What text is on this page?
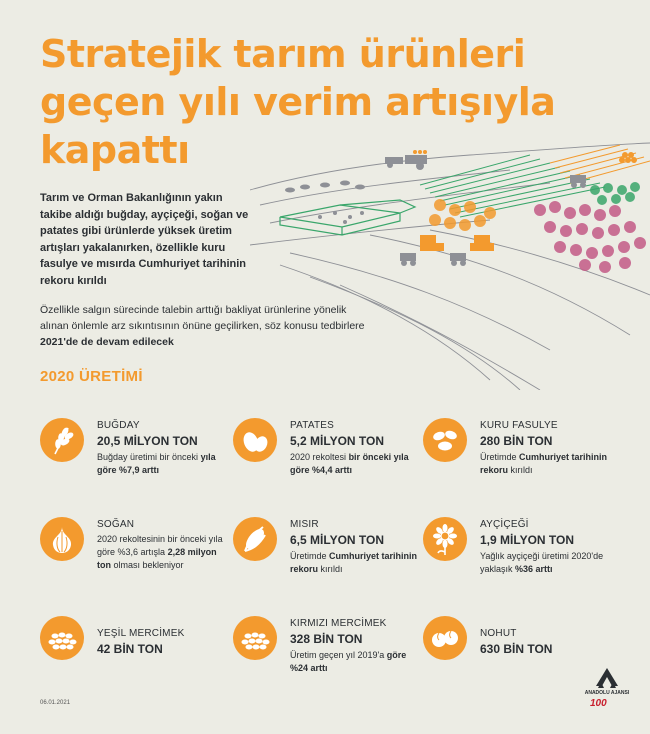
Stratejik tarım ürünleri geçen yılı verim artışıyla kapattı
Tarım ve Orman Bakanlığının yakın takibe aldığı buğday, ayçiçeği, soğan ve patates gibi ürünlerde yüksek üretim artışları yakalanırken, özellikle kuru fasulye ve mısırda Cumhuriyet tarihinin rekoru kırıldı
Özellikle salgın sürecinde talebin arttığı bakliyat ürünlerine yönelik alınan önlemle arz sıkıntısının önüne geçilirken, söz konusu tedbirlere 2021'de de devam edilecek
2020 ÜRETİMİ
BUĞDAY
20,5 MİLYON TON
Buğday üretimi bir önceki yıla göre %7,9 arttı
PATATES
5,2 MİLYON TON
2020 rekoltesi bir önceki yıla göre %4,4 arttı
KURU FASULYE
280 BİN TON
Üretimde Cumhuriyet tarihinin rekoru kırıldı
SOĞAN
2020 rekoltesinin bir önceki yıla göre %3,6 artışla 2,28 milyon ton olması bekleniyor
MISIR
6,5 MİLYON TON
Üretimde Cumhuriyet tarihinin rekoru kırıldı
AYÇİÇEĞİ
1,9 MİLYON TON
Yağlık ayçiçeği üretimi 2020'de yaklaşık %36 arttı
YEŞİL MERCİMEK
42 BİN TON
KIRMIZI MERCİMEK
328 BİN TON
Üretim geçen yıl 2019'a göre %24 arttı
NOHUT
630 BİN TON
06.01.2021
ANADOLU AJANSI
100
